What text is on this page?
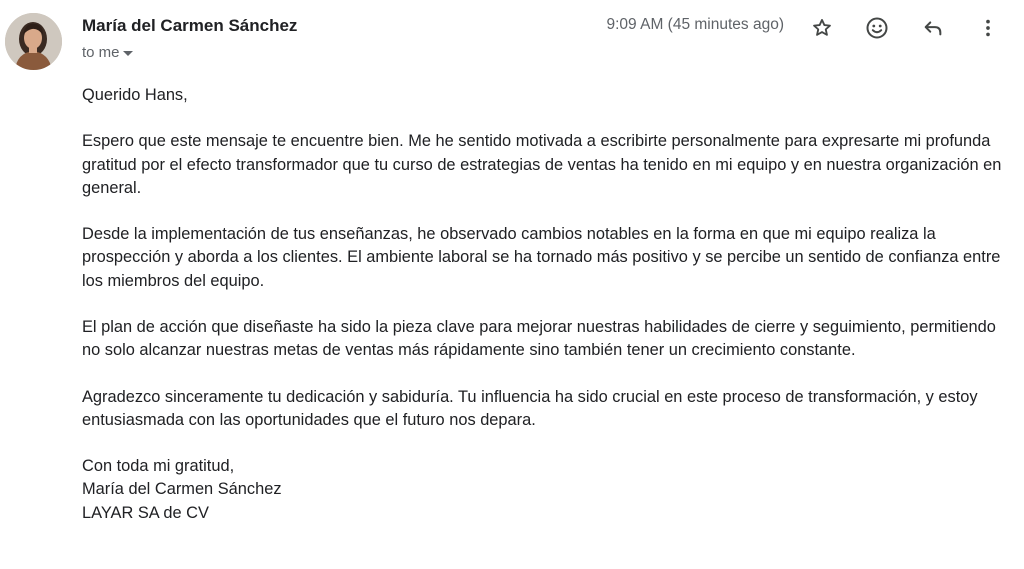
María del Carmen Sánchez
to me
9:09 AM (45 minutes ago)

Querido Hans,

Espero que este mensaje te encuentre bien. Me he sentido motivada a escribirte personalmente para expresarte mi profunda gratitud por el efecto transformador que tu curso de estrategias de ventas ha tenido en mi equipo y en nuestra organización en general.

Desde la implementación de tus enseñanzas, he observado cambios notables en la forma en que mi equipo realiza la prospección y aborda a los clientes. El ambiente laboral se ha tornado más positivo y se percibe un sentido de confianza entre los miembros del equipo.

El plan de acción que diseñaste ha sido la pieza clave para mejorar nuestras habilidades de cierre y seguimiento, permitiendo no solo alcanzar nuestras metas de ventas más rápidamente sino también tener un crecimiento constante.

Agradezco sinceramente tu dedicación y sabiduría. Tu influencia ha sido crucial en este proceso de transformación, y estoy entusiasmada con las oportunidades que el futuro nos depara.

Con toda mi gratitud,
María del Carmen Sánchez
LAYAR SA de CV
